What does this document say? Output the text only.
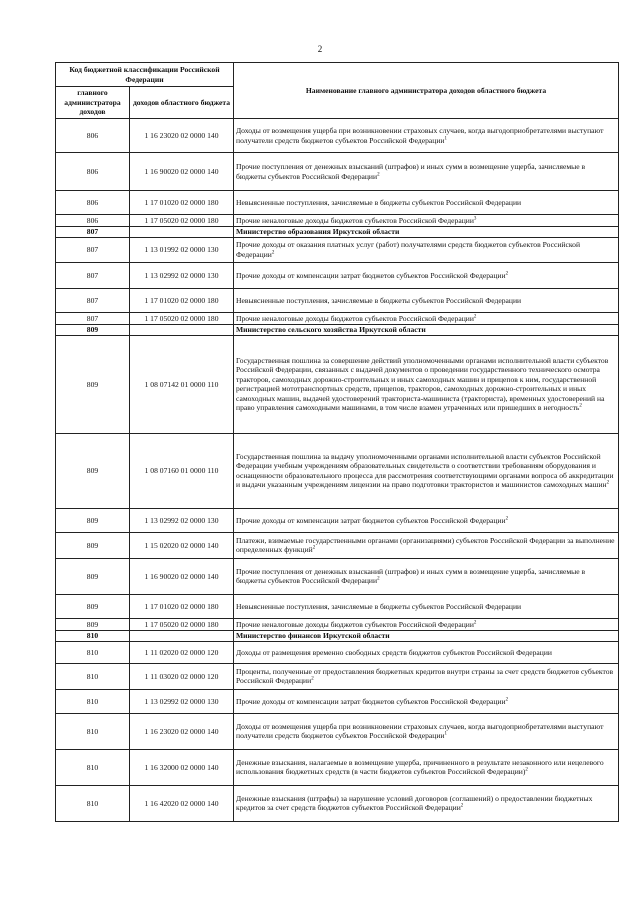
2
Код бюджетной классификации Российской Федерации		Наименование главного администратора доходов областного бюджета
главного администратора доходов	доходов областного бюджета	
806	1 16 23020 02 0000 140	Доходы от возмещения ущерба при возникновении страховых случаев, когда выгодоприобретателями выступают получатели средств бюджетов субъектов Российской Федерации$^1$
806	1 16 90020 02 0000 140	Прочие поступления от денежных взысканий (штрафов) и иных сумм в возмещение ущерба, зачисляемые в бюджеты субъектов Российской Федерации$^2$
806	1 17 01020 02 0000 180	Невыясненные поступления, зачисляемые в бюджеты субъектов Российской Федерации
806	1 17 05020 02 0000 180	Прочие неналоговые доходы бюджетов субъектов Российской Федерации$^3$
807		Министерство образования Иркутской области
807	1 13 01992 02 0000 130	Прочие доходы от оказания платных услуг (работ) получателями средств бюджетов субъектов Российской Федерации$^2$
807	1 13 02992 02 0000 130	Прочие доходы от компенсации затрат бюджетов субъектов Российской Федерации$^2$
807	1 17 01020 02 0000 180	Невыясненные поступления, зачисляемые в бюджеты субъектов Российской Федерации
807	1 17 05020 02 0000 180	Прочие неналоговые доходы бюджетов субъектов Российской Федерации$^2$
809		Министерство сельского хозяйства Иркутской области
809	1 08 07142 01 0000 110	Государственная пошлина за совершение действий уполномоченными органами исполнительной власти субъектов Российской Федерации, связанных с выдачей документов о проведении государственного технического осмотра тракторов, самоходных дорожно-строительных и иных самоходных машин и прицепов к ним, государственной регистрацией мототранспортных средств, прицепов, тракторов, самоходных дорожно-строительных и иных самоходных машин, выдачей удостоверений тракториста-машиниста (тракториста), временных удостоверений на право управления самоходными машинами, в том числе взамен утраченных или пришедших в негодность$^2$
809	1 08 07160 01 0000 110	Государственная пошлина за выдачу уполномоченными органами исполнительной власти субъектов Российской Федерации учебным учреждениям образовательных свидетельств о соответствии требованиям оборудования и оснащенности образовательного процесса для рассмотрения соответствующими органами вопроса об аккредитации и выдачи указанным учреждениям лицензии на право подготовки трактористов и машинистов самоходных машин$^2$
809	1 13 02992 02 0000 130	Прочие доходы от компенсации затрат бюджетов субъектов Российской Федерации$^2$
809	1 15 02020 02 0000 140	Платежи, взимаемые государственными органами (организациями) субъектов Российской Федерации за выполнение определенных функций$^2$
809	1 16 90020 02 0000 140	Прочие поступления от денежных взысканий (штрафов) и иных сумм в возмещение ущерба, зачисляемые в бюджеты субъектов Российской Федерации$^2$
809	1 17 01020 02 0000 180	Невыясненные поступления, зачисляемые в бюджеты субъектов Российской Федерации
809	1 17 05020 02 0000 180	Прочие неналоговые доходы бюджетов субъектов Российской Федерации$^2$
810		Министерство финансов Иркутской области
810	1 11 02020 02 0000 120	Доходы от размещения временно свободных средств бюджетов субъектов Российской Федерации
810	1 11 03020 02 0000 120	Проценты, полученные от предоставления бюджетных кредитов внутри страны за счет средств бюджетов субъектов Российской Федерации$^2$
810	1 13 02992 02 0000 130	Прочие доходы от компенсации затрат бюджетов субъектов Российской Федерации$^2$
810	1 16 23020 02 0000 140	Доходы от возмещения ущерба при возникновении страховых случаев, когда выгодоприобретателями выступают получатели средств бюджетов субъектов Российской Федерации$^1$
810	1 16 32000 02 0000 140	Денежные взыскания, налагаемые в возмещение ущерба, причиненного в результате незаконного или нецелевого использования бюджетных средств (в части бюджетов субъектов Российской Федерации)$^2$
810	1 16 42020 02 0000 140	Денежные взыскания (штрафы) за нарушение условий договоров (соглашений) о предоставлении бюджетных кредитов за счет средств бюджетов субъектов Российской Федерации$^2$
